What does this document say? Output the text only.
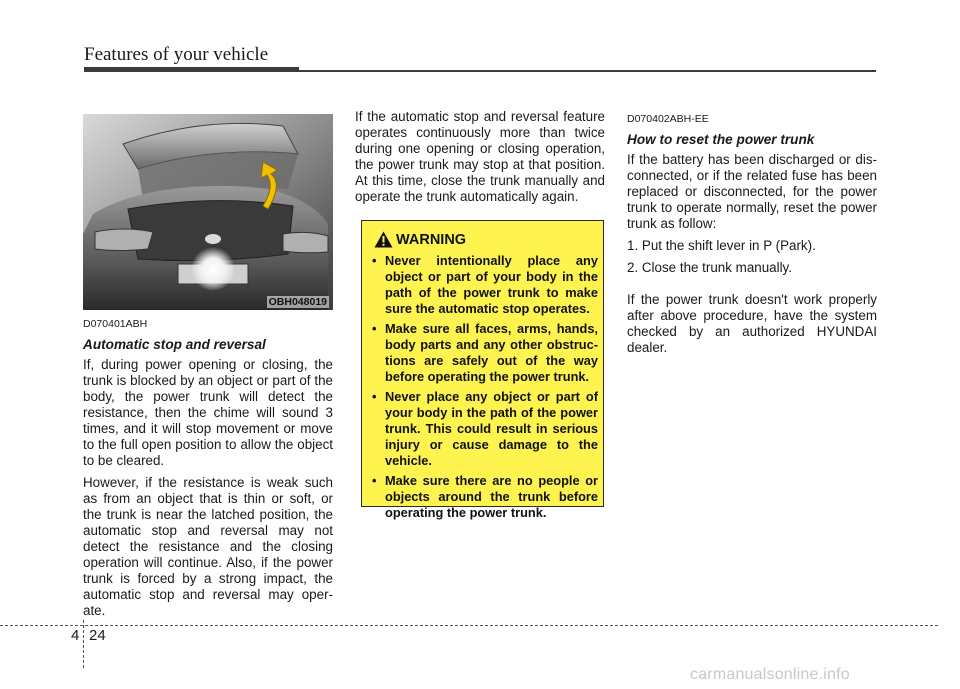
Features of your vehicle
OBH048019
D070401ABH
Automatic stop and reversal

If, during power opening or closing, the trunk is blocked by an object or part of the body, the power trunk will detect the resistance, then the chime will sound 3 times, and it will stop movement or move to the full open position to allow the object to be cleared.

However, if the resistance is weak such as from an object that is thin or soft, or the trunk is near the latched position, the automatic stop and reversal may not detect the resistance and the closing operation will continue. Also, if the power trunk is forced by a strong impact, the automatic stop and reversal may oper-ate.

If the automatic stop and reversal feature operates continuously more than twice during one opening or closing operation, the power trunk may stop at that position. At this time, close the trunk manually and operate the trunk automatically again.

WARNING
• Never intentionally place any object or part of your body in the path of the power trunk to make sure the automatic stop operates.
• Make sure all faces, arms, hands, body parts and any other obstruc-tions are safely out of the way before operating the power trunk.
• Never place any object or part of your body in the path of the power trunk. This could result in serious injury or cause damage to the vehicle.
• Make sure there are no people or objects around the trunk before operating the power trunk.
D070402ABH-EE
How to reset the power trunk

If the battery has been discharged or dis-connected, or if the related fuse has been replaced or disconnected, for the power trunk to operate normally, reset the power trunk as follow:

1. Put the shift lever in P (Park).

2. Close the trunk manually.

If the power trunk doesn't work properly after above procedure, have the system checked by an authorized HYUNDAI dealer.

4 24
carmanualsonline.info
